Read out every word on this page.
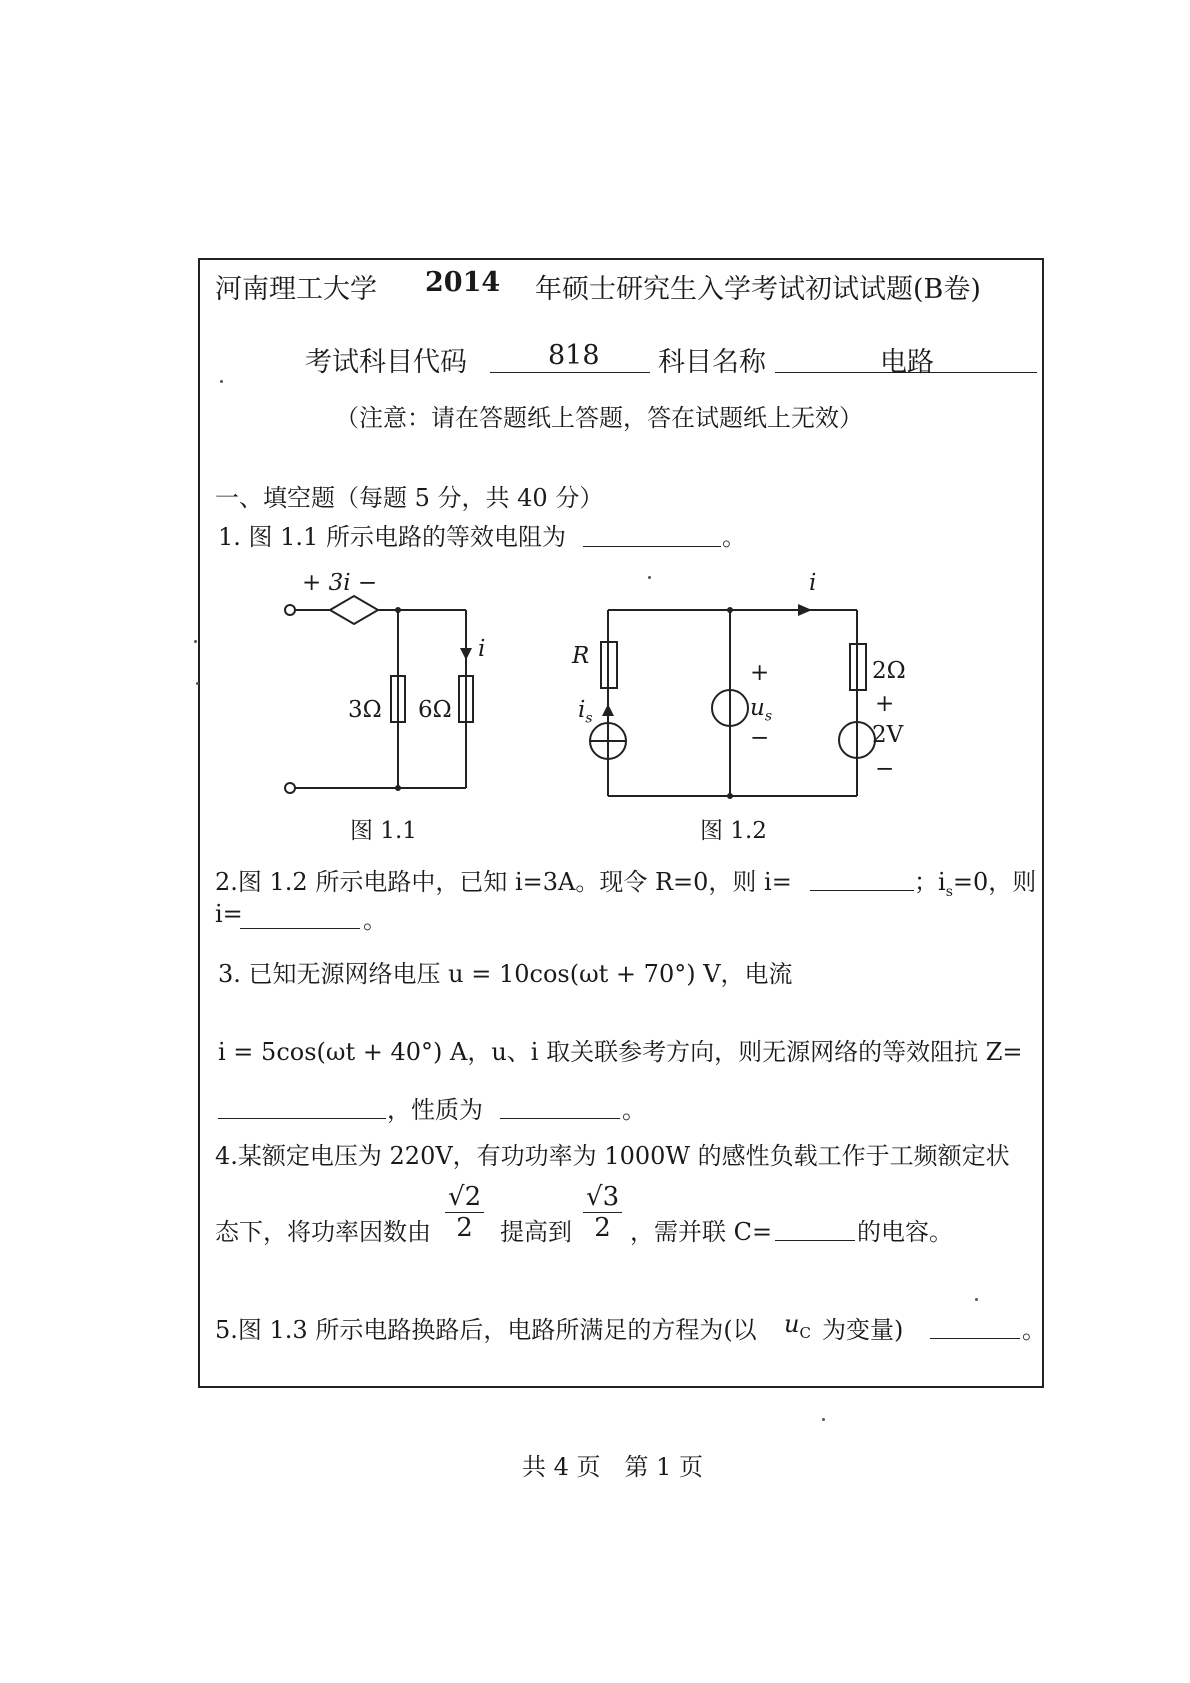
河南理工大学 2014 年硕士研究生入学考试初试试题(B卷)
考试科目代码	818 科目名称	电路
（注意：请在答题纸上答题，答在试题纸上无效）
一、填空题（每题 5 分，共 40 分）
1. 图 1.1 所示电路的等效电阻为	。
+ 3i −
i
3Ω 6Ω
图 1.1
i
R
$i_s$
+
$u_s$
−
2Ω
+
2V
−
图 1.2
2.图 1.2 所示电路中，已知 i=3A。现令 R=0，则 i=	；$i_s=0$，则
i=	。
3. 已知无源网络电压 u = 10cos(ωt + 70°) V，电流
i = 5cos(ωt + 40°) A，u、i 取关联参考方向，则无源网络的等效阻抗 Z=
，性质为	。
4.某额定电压为 220V，有功功率为 1000W 的感性负载工作于工频额定状
态下，将功率因数由 $\frac{√2}{2}$ 提高到 $\frac{√3}{2}$ ，需并联 C=	的电容。
5.图 1.3 所示电路换路后，电路所满足的方程为(以 $u_C$ 为变量)	。
共 4 页　第 1 页
